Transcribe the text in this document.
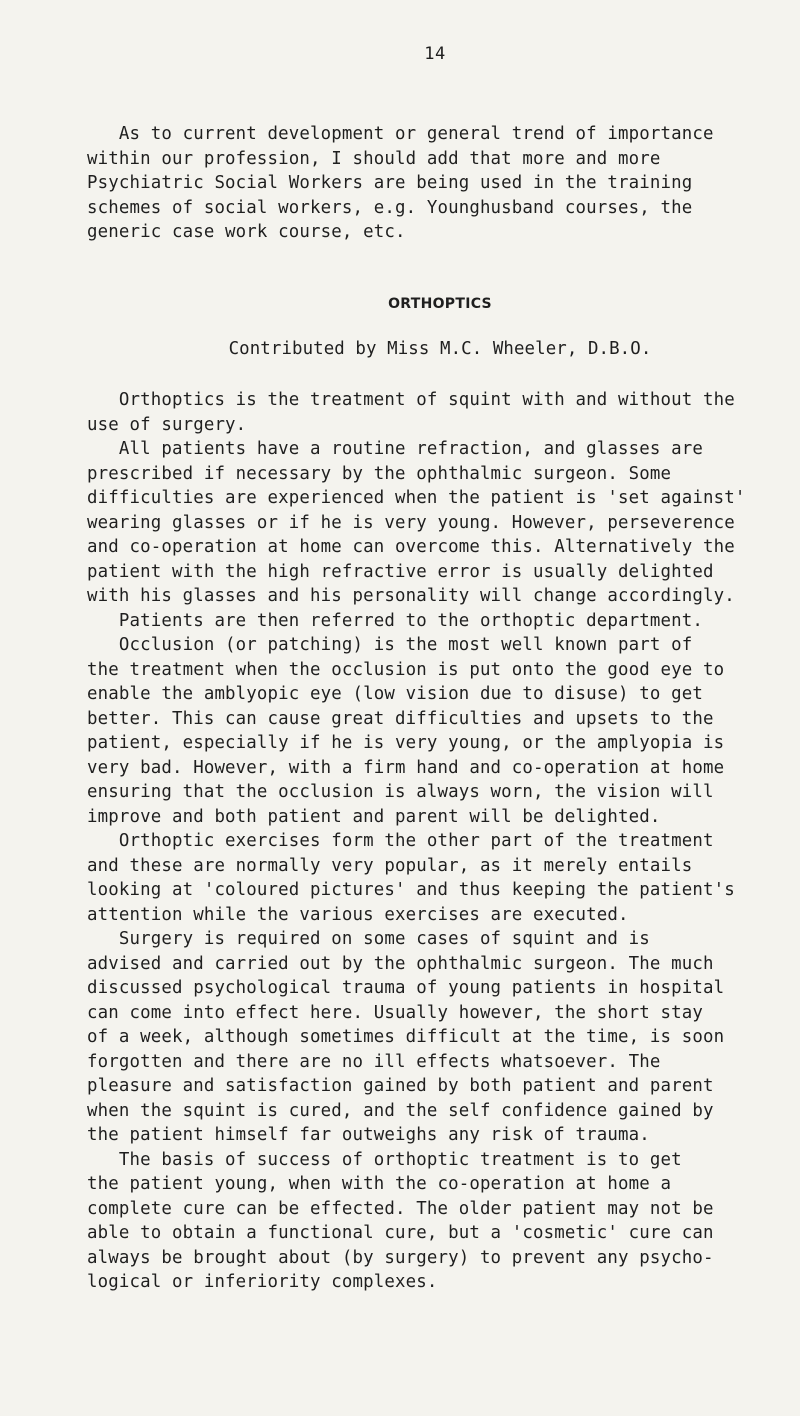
14
As to current development or general trend of importance
within our profession, I should add that more and more
Psychiatric Social Workers are being used in the training
schemes of social workers, e.g. Younghusband courses, the
generic case work course, etc.
ORTHOPTICS
Contributed by Miss M.C. Wheeler, D.B.O.
Orthoptics is the treatment of squint with and without the
use of surgery.
All patients have a routine refraction, and glasses are
prescribed if necessary by the ophthalmic surgeon. Some
difficulties are experienced when the patient is 'set against'
wearing glasses or if he is very young. However, perseverence
and co-operation at home can overcome this. Alternatively the
patient with the high refractive error is usually delighted
with his glasses and his personality will change accordingly.
Patients are then referred to the orthoptic department.
Occlusion (or patching) is the most well known part of
the treatment when the occlusion is put onto the good eye to
enable the amblyopic eye (low vision due to disuse) to get
better. This can cause great difficulties and upsets to the
patient, especially if he is very young, or the amplyopia is
very bad. However, with a firm hand and co-operation at home
ensuring that the occlusion is always worn, the vision will
improve and both patient and parent will be delighted.
Orthoptic exercises form the other part of the treatment
and these are normally very popular, as it merely entails
looking at 'coloured pictures' and thus keeping the patient's
attention while the various exercises are executed.
Surgery is required on some cases of squint and is
advised and carried out by the ophthalmic surgeon. The much
discussed psychological trauma of young patients in hospital
can come into effect here. Usually however, the short stay
of a week, although sometimes difficult at the time, is soon
forgotten and there are no ill effects whatsoever. The
pleasure and satisfaction gained by both patient and parent
when the squint is cured, and the self confidence gained by
the patient himself far outweighs any risk of trauma.
The basis of success of orthoptic treatment is to get
the patient young, when with the co-operation at home a
complete cure can be effected. The older patient may not be
able to obtain a functional cure, but a 'cosmetic' cure can
always be brought about (by surgery) to prevent any psycho-
logical or inferiority complexes.
